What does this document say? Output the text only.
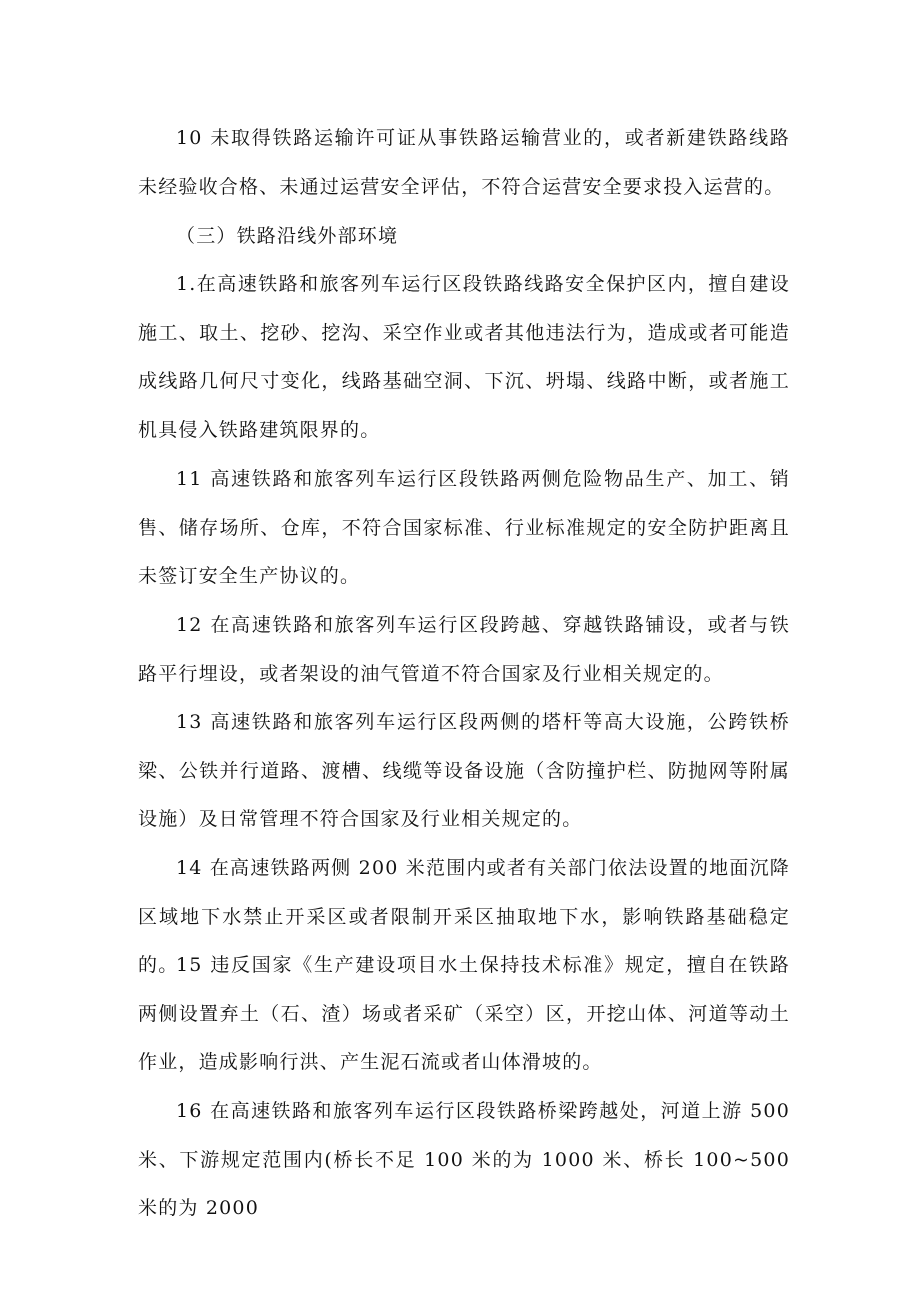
10 未取得铁路运输许可证从事铁路运输营业的，或者新建铁路线路未经验收合格、未通过运营安全评估，不符合运营安全要求投入运营的。

（三）铁路沿线外部环境

1.在高速铁路和旅客列车运行区段铁路线路安全保护区内，擅自建设施工、取土、挖砂、挖沟、采空作业或者其他违法行为，造成或者可能造成线路几何尺寸变化，线路基础空洞、下沉、坍塌、线路中断，或者施工机具侵入铁路建筑限界的。

11 高速铁路和旅客列车运行区段铁路两侧危险物品生产、加工、销售、储存场所、仓库，不符合国家标准、行业标准规定的安全防护距离且未签订安全生产协议的。

12 在高速铁路和旅客列车运行区段跨越、穿越铁路铺设，或者与铁路平行埋设，或者架设的油气管道不符合国家及行业相关规定的。

13 高速铁路和旅客列车运行区段两侧的塔杆等高大设施，公跨铁桥梁、公铁并行道路、渡槽、线缆等设备设施（含防撞护栏、防抛网等附属设施）及日常管理不符合国家及行业相关规定的。

14 在高速铁路两侧 200 米范围内或者有关部门依法设置的地面沉降区域地下水禁止开采区或者限制开采区抽取地下水，影响铁路基础稳定的。

15 违反国家《生产建设项目水土保持技术标准》规定，擅自在铁路两侧设置弃土（石、渣）场或者采矿（采空）区，开挖山体、河道等动土作业，造成影响行洪、产生泥石流或者山体滑坡的。

16 在高速铁路和旅客列车运行区段铁路桥梁跨越处，河道上游 500 米、下游规定范围内(桥长不足 100 米的为 1000 米、桥长 100~500 米的为 2000
